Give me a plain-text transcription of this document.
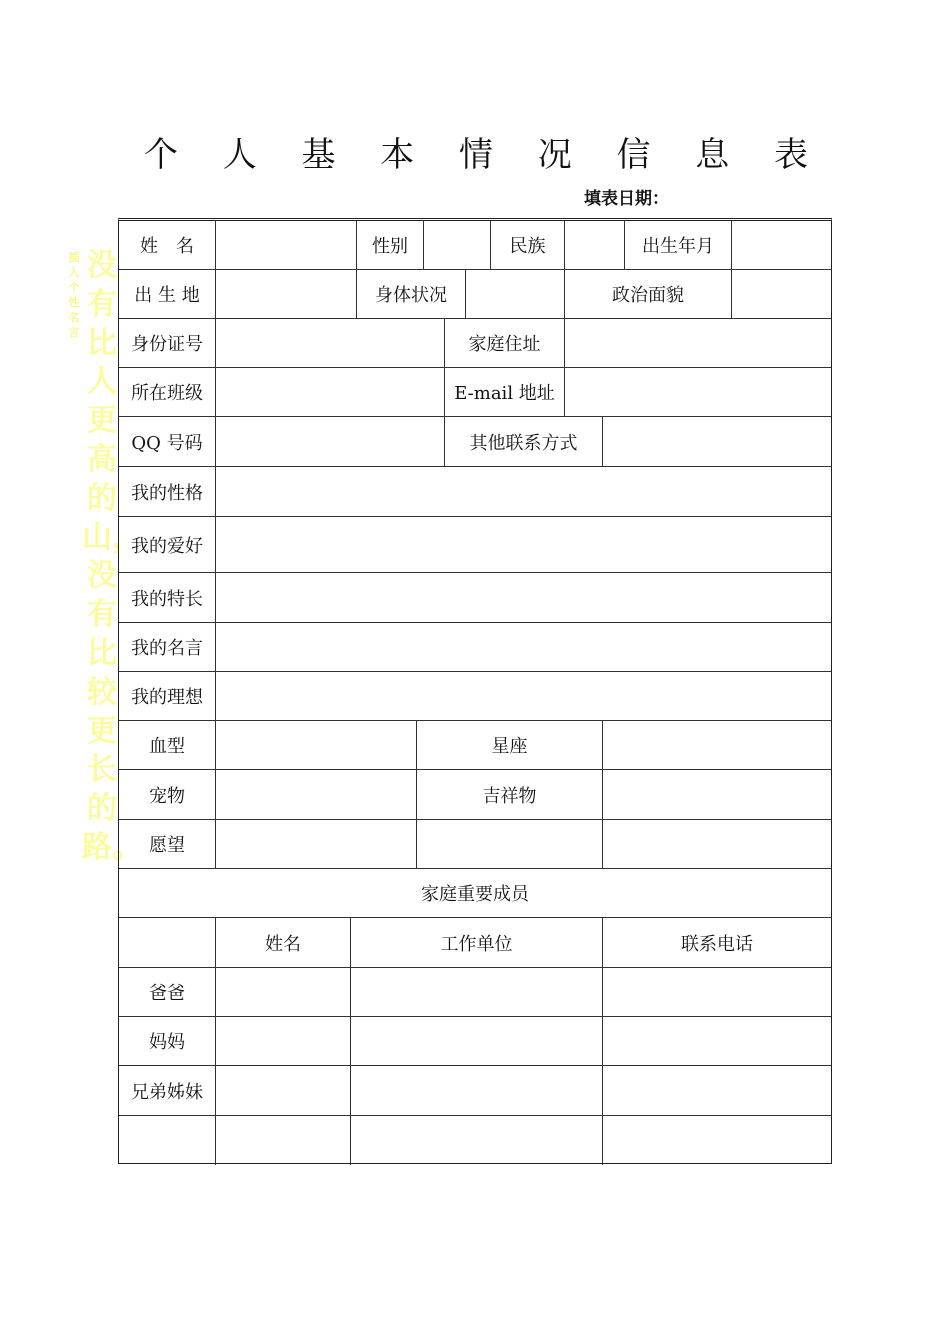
个 人 基 本 情 况 信 息 表
填表日期：
插入个性名言
没有比人更高的山，没有比较更长的路。
姓　名	性别	民族	出生年月
出 生 地	身体状况	政治面貌
身份证号	家庭住址
所在班级	E-mail 地址
QQ 号码	其他联系方式
我的性格
我的爱好
我的特长
我的名言
我的理想
血型	星座
宠物	吉祥物
愿望
家庭重要成员
姓名	工作单位	联系电话
爸爸
妈妈
兄弟姊妹
